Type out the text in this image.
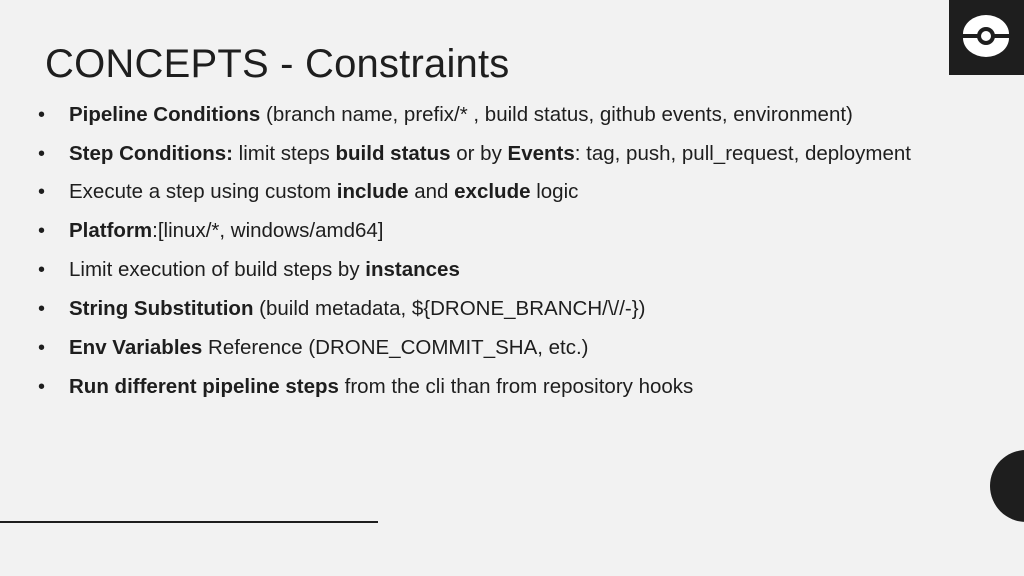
CONCEPTS - Constraints
• Pipeline Conditions (branch name, prefix/* , build status, github events, environment)
• Step Conditions: limit steps build status or by Events: tag, push, pull_request, deployment
• Execute a step using custom include and exclude logic
• Platform:[linux/*, windows/amd64]
• Limit execution of build steps by instances
• String Substitution (build metadata, ${DRONE_BRANCH/\//-})
• Env Variables Reference (DRONE_COMMIT_SHA, etc.)
• Run different pipeline steps from the cli than from repository hooks
